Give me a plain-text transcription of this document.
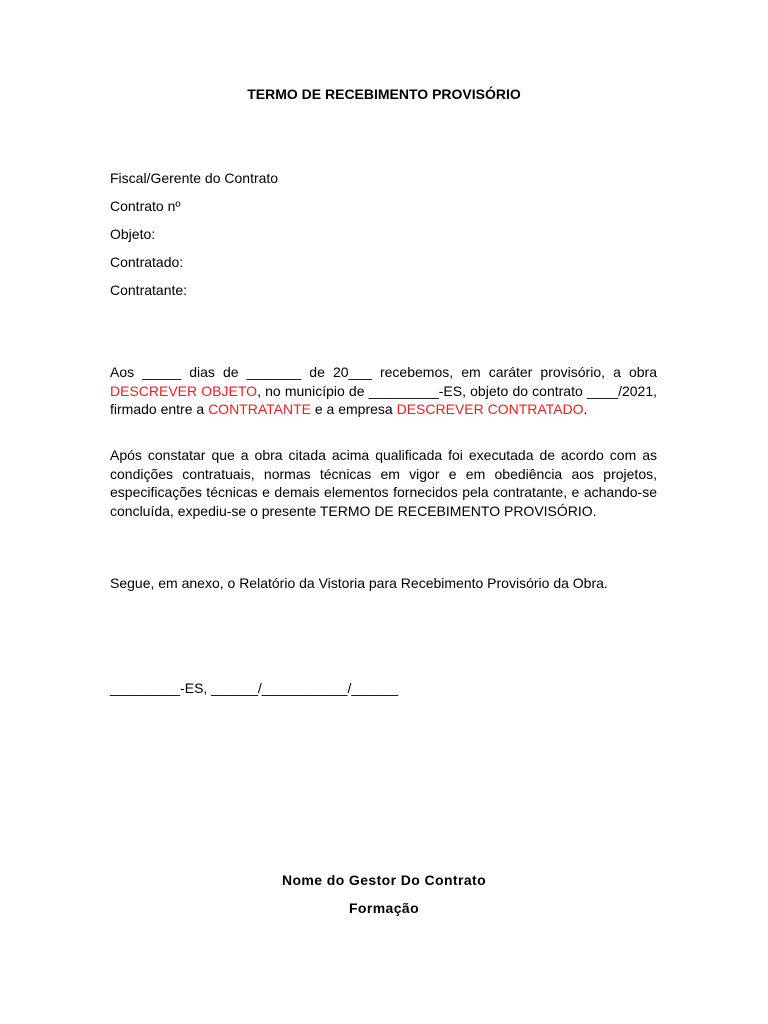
TERMO DE RECEBIMENTO PROVISÓRIO
Fiscal/Gerente do Contrato
Contrato nº
Objeto:
Contratado:
Contratante:
Aos _____ dias de _______ de 20___ recebemos, em caráter provisório, a obra DESCREVER OBJETO, no município de _________-ES, objeto do contrato ____/2021, firmado entre a CONTRATANTE e a empresa DESCREVER CONTRATADO.
Após constatar que a obra citada acima qualificada foi executada de acordo com as condições contratuais, normas técnicas em vigor e em obediência aos projetos, especificações técnicas e demais elementos fornecidos pela contratante, e achando-se concluída, expediu-se o presente TERMO DE RECEBIMENTO PROVISÓRIO.
Segue, em anexo, o Relatório da Vistoria para Recebimento Provisório da Obra.
_________-ES, ______/___________/______
Nome do Gestor Do Contrato
Formação
